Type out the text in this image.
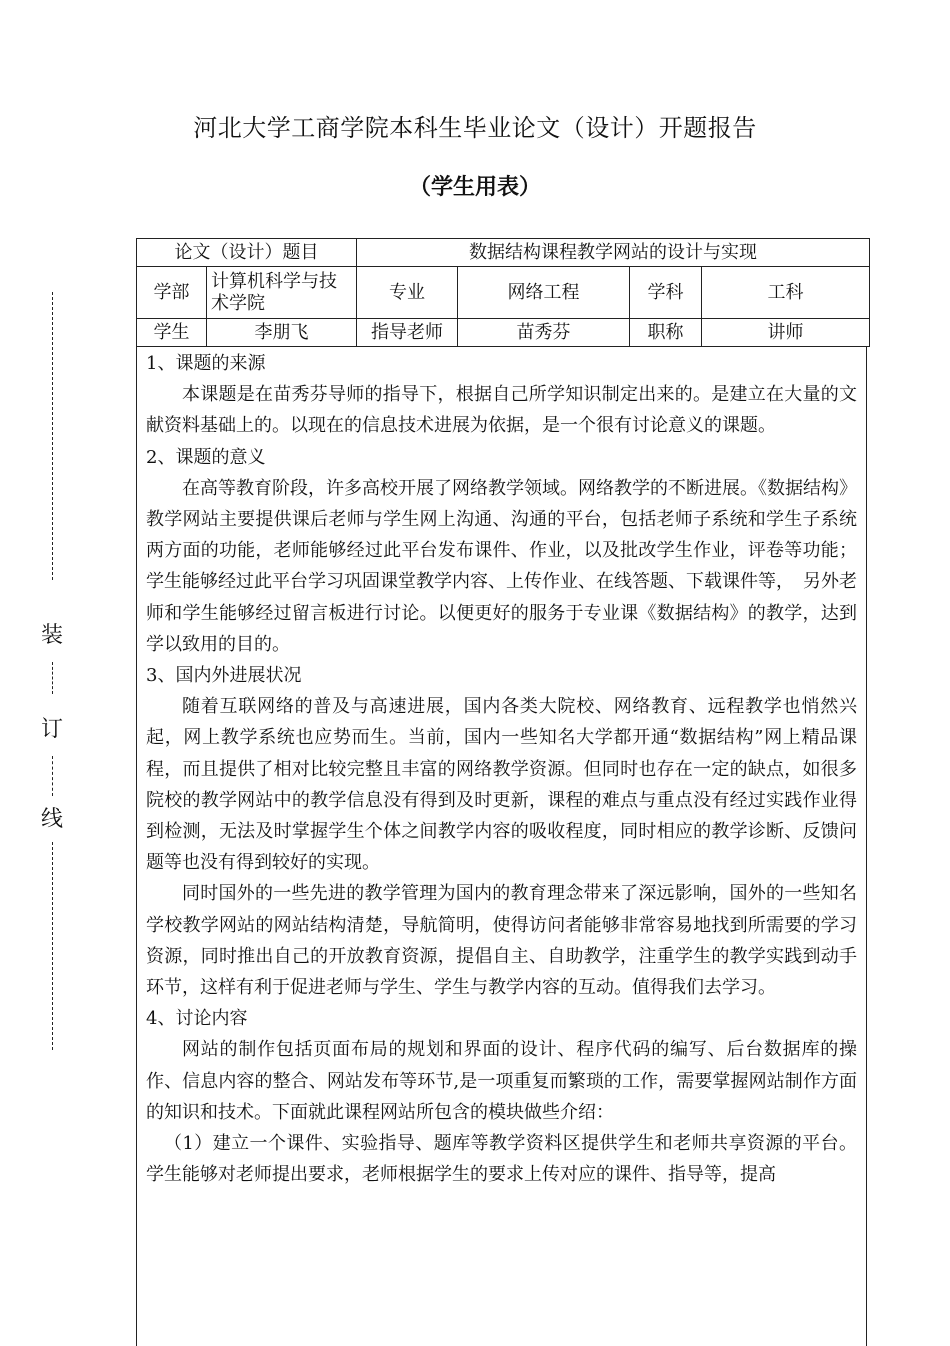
河北大学工商学院本科生毕业论文（设计）开题报告
（学生用表）
装
订
线
论文（设计）题目		数据结构课程教学网站的设计与实现			
学部	计算机科学与技术学院	专业	网络工程	学科	工科
学生	李朋飞	指导老师	苗秀芬	职称	讲师

1、课题的来源

本课题是在苗秀芬导师的指导下，根据自己所学知识制定出来的。是建立在大量的文献资料基础上的。以现在的信息技术进展为依据，是一个很有讨论意义的课题。

2、课题的意义

在高等教育阶段，许多高校开展了网络教学领域。网络教学的不断进展。《数据结构》教学网站主要提供课后老师与学生网上沟通、沟通的平台，包括老师子系统和学生子系统两方面的功能，老师能够经过此平台发布课件、作业，以及批改学生作业，评卷等功能；学生能够经过此平台学习巩固课堂教学内容、上传作业、在线答题、下载课件等，　另外老师和学生能够经过留言板进行讨论。以便更好的服务于专业课《数据结构》的教学，达到学以致用的目的。

3、国内外进展状况

随着互联网络的普及与高速进展，国内各类大院校、网络教育、远程教学也悄然兴起，网上教学系统也应势而生。当前，国内一些知名大学都开通“数据结构”网上精品课程，而且提供了相对比较完整且丰富的网络教学资源。但同时也存在一定的缺点，如很多院校的教学网站中的教学信息没有得到及时更新，课程的难点与重点没有经过实践作业得到检测，无法及时掌握学生个体之间教学内容的吸收程度，同时相应的教学诊断、反馈问题等也没有得到较好的实现。

同时国外的一些先进的教学管理为国内的教育理念带来了深远影响，国外的一些知名学校教学网站的网站结构清楚，导航简明，使得访问者能够非常容易地找到所需要的学习资源，同时推出自己的开放教育资源，提倡自主、自助教学，注重学生的教学实践到动手环节，这样有利于促进老师与学生、学生与教学内容的互动。值得我们去学习。

4、讨论内容

网站的制作包括页面布局的规划和界面的设计、程序代码的编写、后台数据库的操作、信息内容的整合、网站发布等环节,是一项重复而繁琐的工作，需要掌握网站制作方面的知识和技术。下面就此课程网站所包含的模块做些介绍：

（1）建立一个课件、实验指导、题库等教学资料区提供学生和老师共享资源的平台。学生能够对老师提出要求，老师根据学生的要求上传对应的课件、指导等，提高
